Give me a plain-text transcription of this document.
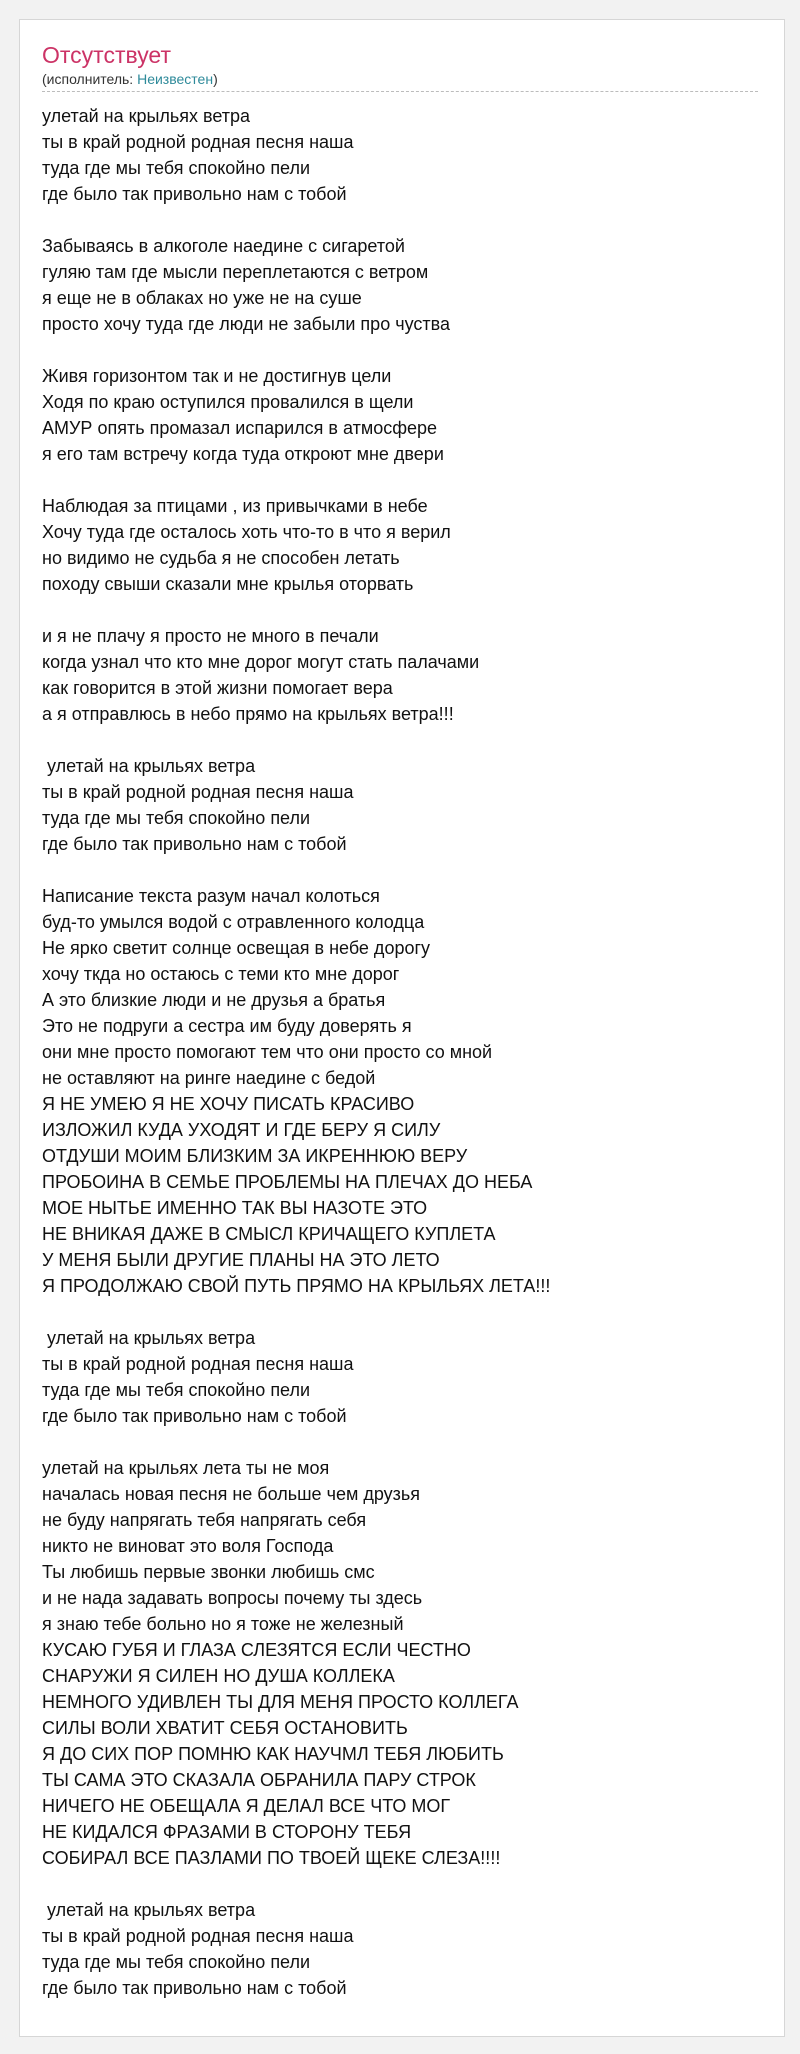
Отсутствует
(исполнитель: Неизвестен)
улетай на крыльях ветра
ты в край родной родная песня наша
туда где мы тебя спокойно пели
где было так привольно нам с тобой
Забываясь в алкоголе наедине с сигаретой
гуляю там где мысли переплетаются с ветром
я еще не в облаках но уже не на суше
просто хочу туда где люди не забыли про чуства
Живя горизонтом так и не достигнув цели
Ходя по краю оступился провалился в щели
АМУР опять промазал испарился в атмосфере
я его там встречу когда туда откроют мне двери
Наблюдая за птицами , из привычками в небе
Хочу туда где осталось хоть что-то в что я верил
но видимо не судьба я не способен летать
походу свыши сказали мне крылья оторвать
и я не плачу я просто не много в печали
когда узнал что кто мне дорог могут стать палачами
как говорится в этой жизни помогает вера
а я отправлюсь в небо прямо на крыльях ветра!!!
улетай на крыльях ветра
ты в край родной родная песня наша
туда где мы тебя спокойно пели
где было так привольно нам с тобой
Написание текста разум начал колоться
буд-то умылся водой с отравленного колодца
Не ярко светит солнце освещая в небе дорогу
хочу ткда но остаюсь с теми кто мне дорог
А это близкие люди и не друзья а братья
Это не подруги а сестра им буду доверять я
они мне просто помогают тем что они просто со мной
не оставляют на ринге наедине с бедой
Я НЕ УМЕЮ Я НЕ ХОЧУ ПИСАТЬ КРАСИВО
ИЗЛОЖИЛ КУДА УХОДЯТ И ГДЕ БЕРУ Я СИЛУ
ОТДУШИ МОИМ БЛИЗКИМ ЗА ИКРЕННЮЮ ВЕРУ
ПРОБОИНА В СЕМЬЕ ПРОБЛЕМЫ НА ПЛЕЧАХ ДО НЕБА
МОЕ НЫТЬЕ ИМЕННО ТАК ВЫ НАЗОТЕ ЭТО
НЕ ВНИКАЯ ДАЖЕ В СМЫСЛ КРИЧАЩЕГО КУПЛЕТА
У МЕНЯ БЫЛИ ДРУГИЕ ПЛАНЫ НА ЭТО ЛЕТО
Я ПРОДОЛЖАЮ СВОЙ ПУТЬ ПРЯМО НА КРЫЛЬЯХ ЛЕТА!!!
улетай на крыльях ветра
ты в край родной родная песня наша
туда где мы тебя спокойно пели
где было так привольно нам с тобой
улетай на крыльях лета ты не моя
началась новая песня не больше чем друзья
не буду напрягать тебя напрягать себя
никто не виноват это воля Господа
Ты любишь первые звонки любишь смс
и не нада задавать вопросы почему ты здесь
я знаю тебе больно но я тоже не железный
КУСАЮ ГУБЯ И ГЛАЗА СЛЕЗЯТСЯ ЕСЛИ ЧЕСТНО
СНАРУЖИ Я СИЛЕН НО ДУША КОЛЛЕКА
НЕМНОГО УДИВЛЕН ТЫ ДЛЯ МЕНЯ ПРОСТО КОЛЛЕГА
СИЛЫ ВОЛИ ХВАТИТ СЕБЯ ОСТАНОВИТЬ
Я ДО СИХ ПОР ПОМНЮ КАК НАУЧМЛ ТЕБЯ ЛЮБИТЬ
ТЫ САМА ЭТО СКАЗАЛА ОБРАНИЛА ПАРУ СТРОК
НИЧЕГО НЕ ОБЕЩАЛА Я ДЕЛАЛ ВСЕ ЧТО МОГ
НЕ КИДАЛСЯ ФРАЗАМИ В СТОРОНУ ТЕБЯ
СОБИРАЛ ВСЕ ПАЗЛАМИ ПО ТВОЕЙ ЩЕКЕ СЛЕЗА!!!!
улетай на крыльях ветра
ты в край родной родная песня наша
туда где мы тебя спокойно пели
где было так привольно нам с тобой
